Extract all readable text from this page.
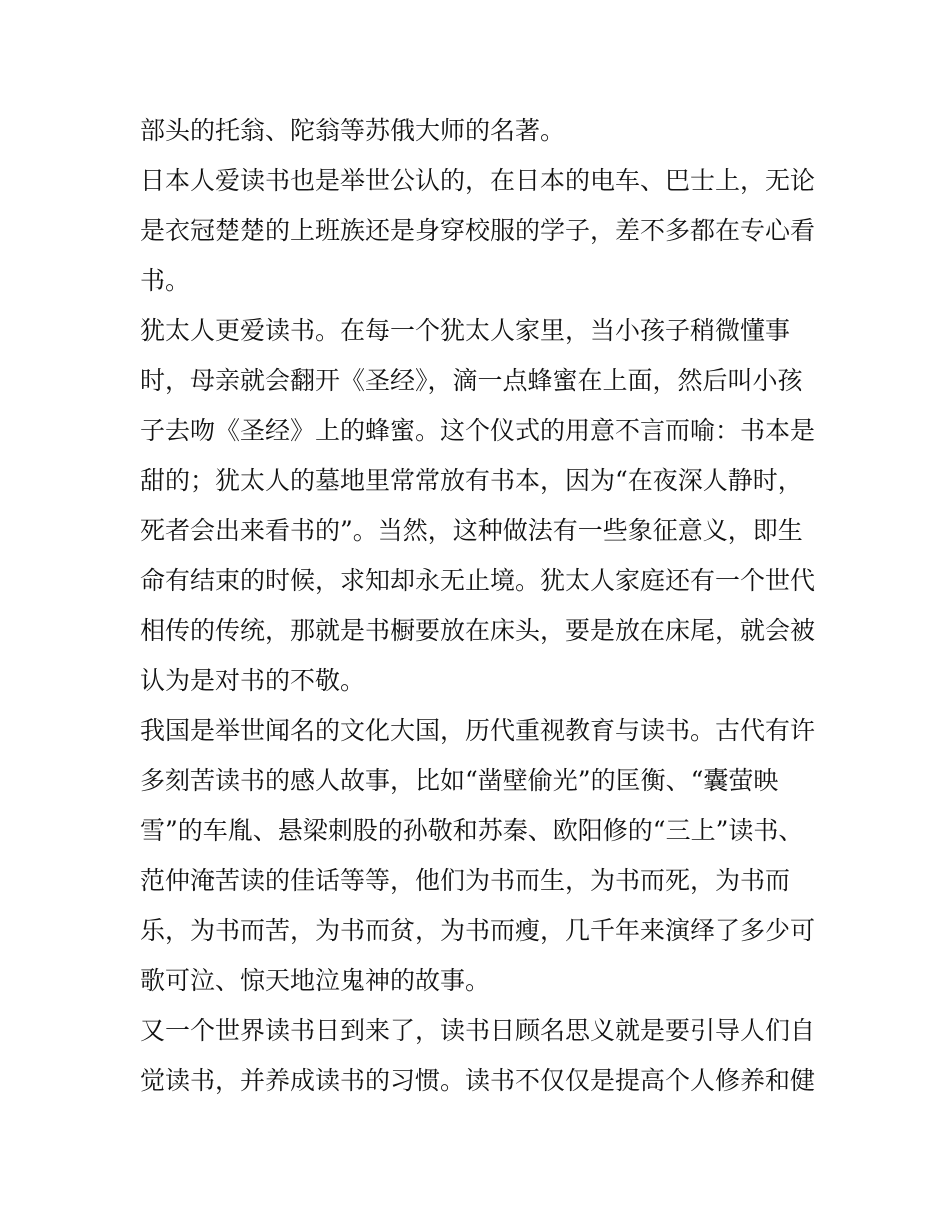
部头的托翁、陀翁等苏俄大师的名著。
日本人爱读书也是举世公认的，在日本的电车、巴士上，无论
是衣冠楚楚的上班族还是身穿校服的学子，差不多都在专心看
书。
犹太人更爱读书。在每一个犹太人家里，当小孩子稍微懂事
时，母亲就会翻开《圣经》，滴一点蜂蜜在上面，然后叫小孩
子去吻《圣经》上的蜂蜜。这个仪式的用意不言而喻：书本是
甜的；犹太人的墓地里常常放有书本，因为“在夜深人静时，
死者会出来看书的”。当然，这种做法有一些象征意义，即生
命有结束的时候，求知却永无止境。犹太人家庭还有一个世代
相传的传统，那就是书橱要放在床头，要是放在床尾，就会被
认为是对书的不敬。
我国是举世闻名的文化大国，历代重视教育与读书。古代有许
多刻苦读书的感人故事，比如“凿壁偷光”的匡衡、“囊萤映
雪”的车胤、悬梁刺股的孙敬和苏秦、欧阳修的“三上”读书、
范仲淹苦读的佳话等等，他们为书而生，为书而死，为书而
乐，为书而苦，为书而贫，为书而瘦，几千年来演绎了多少可
歌可泣、惊天地泣鬼神的故事。
又一个世界读书日到来了，读书日顾名思义就是要引导人们自
觉读书，并养成读书的习惯。读书不仅仅是提高个人修养和健
